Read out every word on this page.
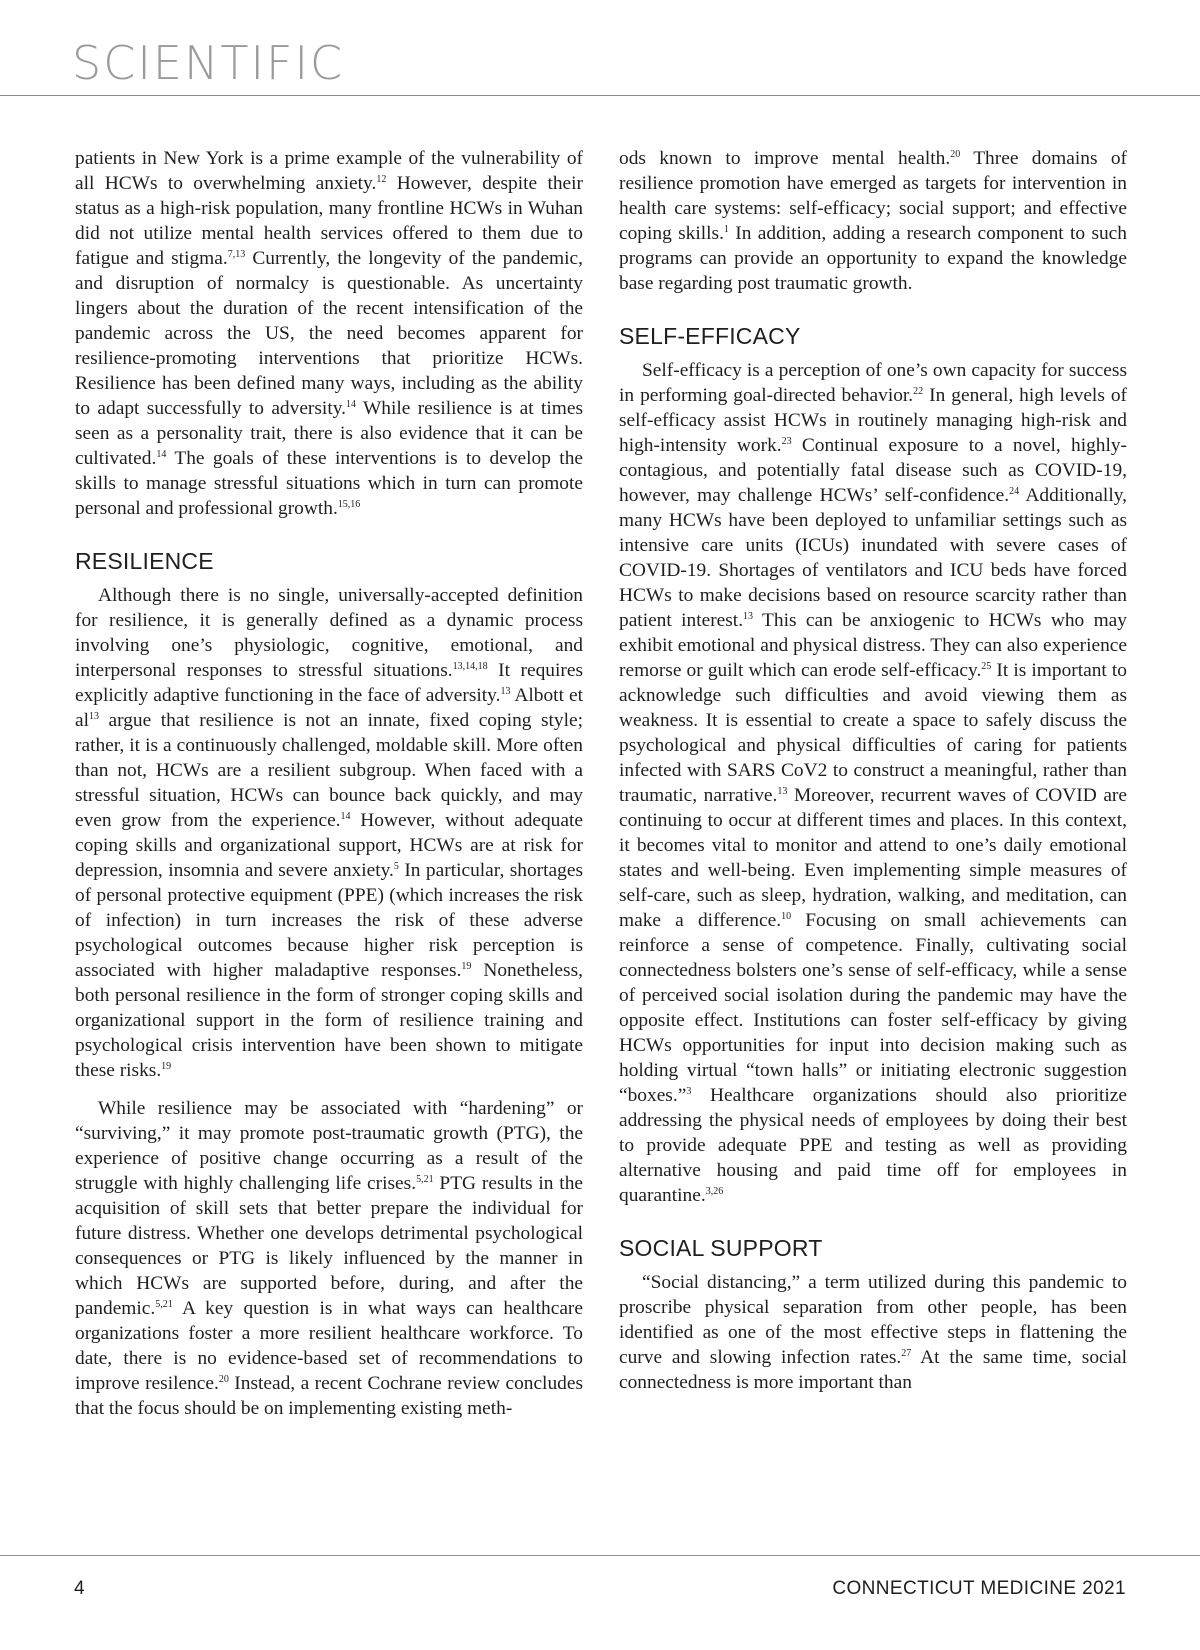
SCIENTIFIC

patients in New York is a prime example of the vulnerability of all HCWs to overwhelming anxiety.$^{12}$ However, despite their status as a high-risk population, many frontline HCWs in Wuhan did not utilize mental health services offered to them due to fatigue and stigma.$^{7,13}$ Currently, the longevity of the pandemic, and disruption of normalcy is questionable. As uncertainty lingers about the duration of the recent intensification of the pandemic across the US, the need becomes apparent for resilience-promoting interventions that prioritize HCWs. Resilience has been defined many ways, including as the ability to adapt successfully to adversity.$^{14}$ While resilience is at times seen as a personality trait, there is also evidence that it can be cultivated.$^{14}$ The goals of these interventions is to develop the skills to manage stressful situations which in turn can promote personal and professional growth.$^{15,16}$

RESILIENCE

Although there is no single, universally-accepted definition for resilience, it is generally defined as a dynamic process involving one’s physiologic, cognitive, emotional, and interpersonal responses to stressful situations.$^{13,14,18}$ It requires explicitly adaptive functioning in the face of adversity.$^{13}$ Albott et $al^{13}$ argue that resilience is not an innate, fixed coping style; rather, it is a continuously challenged, moldable skill. More often than not, HCWs are a resilient subgroup. When faced with a stressful situation, HCWs can bounce back quickly, and may even grow from the experience.$^{14}$ However, without adequate coping skills and organizational support, HCWs are at risk for depression, insomnia and severe anxiety.$^5$ In particular, shortages of personal protective equipment (PPE) (which increases the risk of infection) in turn increases the risk of these adverse psychological outcomes because higher risk perception is associated with higher maladaptive responses.$^{19}$ Nonetheless, both personal resilience in the form of stronger coping skills and organizational support in the form of resilience training and psychological crisis intervention have been shown to mitigate these risks.$^{19}$

While resilience may be associated with “hardening” or “surviving,” it may promote post-traumatic growth (PTG), the experience of positive change occurring as a result of the struggle with highly challenging life crises.$^{5,21}$ PTG results in the acquisition of skill sets that better prepare the individual for future distress. Whether one develops detrimental psychological consequences or PTG is likely influenced by the manner in which HCWs are supported before, during, and after the pandemic.$^{5,21}$ A key question is in what ways can healthcare organizations foster a more resilient healthcare workforce. To date, there is no evidence-based set of recommendations to improve resilence.$^{20}$ Instead, a recent Cochrane review concludes that the focus should be on implementing existing meth-

ods known to improve mental health.$^{20}$ Three domains of resilience promotion have emerged as targets for intervention in health care systems: self-efficacy; social support; and effective coping skills.$^1$ In addition, adding a research component to such programs can provide an opportunity to expand the knowledge base regarding post traumatic growth.

SELF-EFFICACY

Self-efficacy is a perception of one’s own capacity for success in performing goal-directed behavior.$^{22}$ In general, high levels of self-efficacy assist HCWs in routinely managing high-risk and high-intensity work.$^{23}$ Continual exposure to a novel, highly-contagious, and potentially fatal disease such as COVID-19, however, may challenge HCWs’ self-confidence.$^{24}$ Additionally, many HCWs have been deployed to unfamiliar settings such as intensive care units (ICUs) inundated with severe cases of COVID-19. Shortages of ventilators and ICU beds have forced HCWs to make decisions based on resource scarcity rather than patient interest.$^{13}$ This can be anxiogenic to HCWs who may exhibit emotional and physical distress. They can also experience remorse or guilt which can erode self-efficacy.$^{25}$ It is important to acknowledge such difficulties and avoid viewing them as weakness. It is essential to create a space to safely discuss the psychological and physical difficulties of caring for patients infected with SARS CoV2 to construct a meaningful, rather than traumatic, narrative.$^{13}$ Moreover, recurrent waves of COVID are continuing to occur at different times and places. In this context, it becomes vital to monitor and attend to one’s daily emotional states and well-being. Even implementing simple measures of self-care, such as sleep, hydration, walking, and meditation, can make a difference.$^{10}$ Focusing on small achievements can reinforce a sense of competence. Finally, cultivating social connectedness bolsters one’s sense of self-efficacy, while a sense of perceived social isolation during the pandemic may have the opposite effect. Institutions can foster self-efficacy by giving HCWs opportunities for input into decision making such as holding virtual “town halls” or initiating electronic suggestion “boxes.”$^3$ Healthcare organizations should also prioritize addressing the physical needs of employees by doing their best to provide adequate PPE and testing as well as providing alternative housing and paid time off for employees in quarantine.$^{3,26}$

SOCIAL SUPPORT

“Social distancing,” a term utilized during this pandemic to proscribe physical separation from other people, has been identified as one of the most effective steps in flattening the curve and slowing infection rates.$^{27}$ At the same time, social connectedness is more important than

4	CONNECTICUT MEDICINE 2021
